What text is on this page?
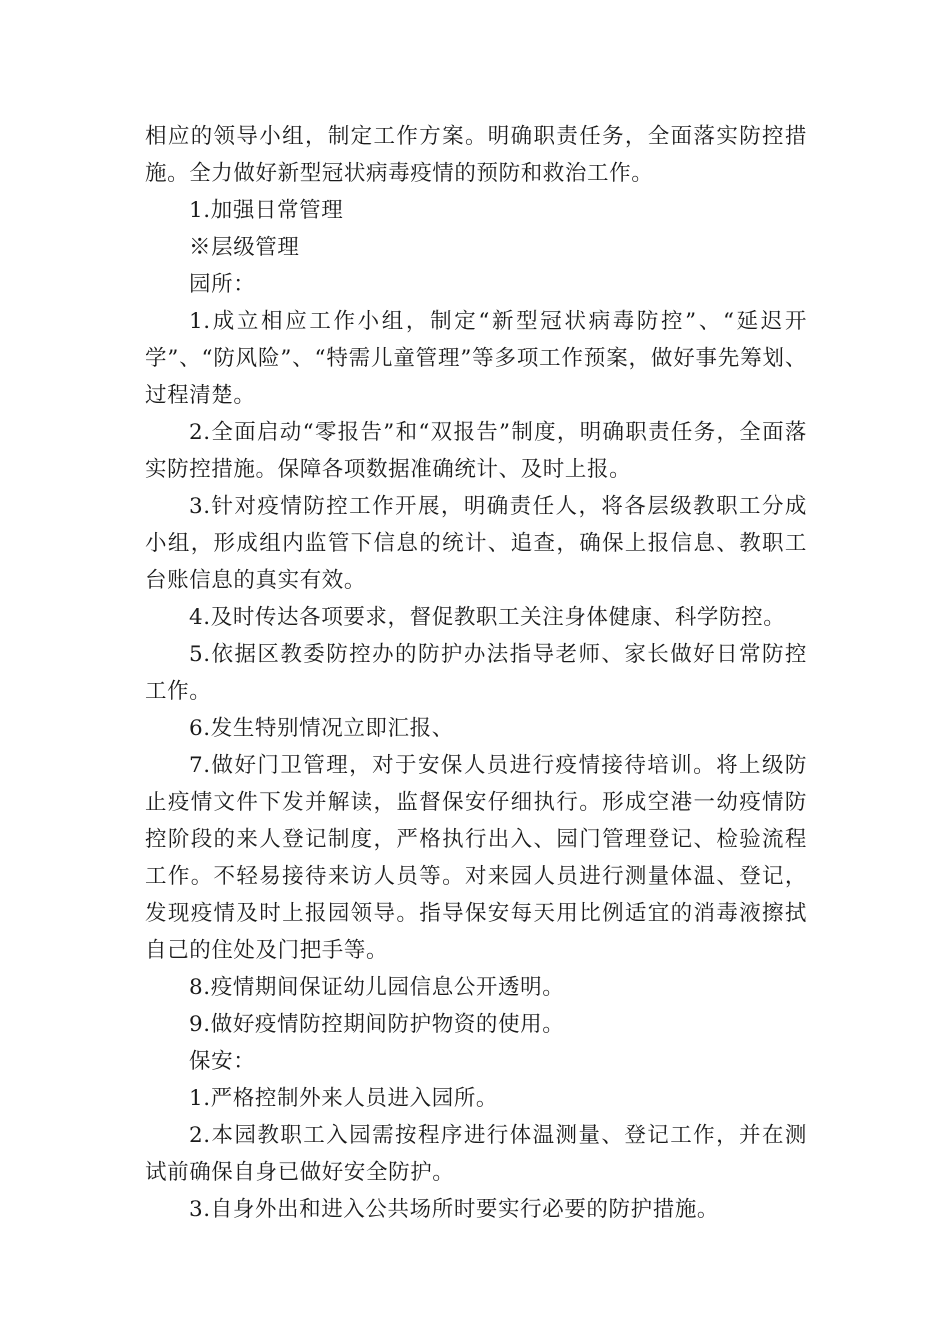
相应的领导小组，制定工作方案。明确职责任务，全面落实防控措施。全力做好新型冠状病毒疫情的预防和救治工作。

1.加强日常管理

※层级管理

园所：

1.成立相应工作小组，制定“新型冠状病毒防控”、“延迟开学”、“防风险”、“特需儿童管理”等多项工作预案，做好事先筹划、过程清楚。

2.全面启动“零报告”和“双报告”制度，明确职责任务，全面落实防控措施。保障各项数据准确统计、及时上报。

3.针对疫情防控工作开展，明确责任人，将各层级教职工分成小组，形成组内监管下信息的统计、追查，确保上报信息、教职工台账信息的真实有效。

4.及时传达各项要求，督促教职工关注身体健康、科学防控。

5.依据区教委防控办的防护办法指导老师、家长做好日常防控工作。

6.发生特别情况立即汇报、

7.做好门卫管理，对于安保人员进行疫情接待培训。将上级防止疫情文件下发并解读，监督保安仔细执行。形成空港一幼疫情防控阶段的来人登记制度，严格执行出入、园门管理登记、检验流程工作。不轻易接待来访人员等。对来园人员进行测量体温、登记，发现疫情及时上报园领导。指导保安每天用比例适宜的消毒液擦拭自己的住处及门把手等。

8.疫情期间保证幼儿园信息公开透明。

9.做好疫情防控期间防护物资的使用。

保安：

1.严格控制外来人员进入园所。

2.本园教职工入园需按程序进行体温测量、登记工作，并在测试前确保自身已做好安全防护。

3.自身外出和进入公共场所时要实行必要的防护措施。
